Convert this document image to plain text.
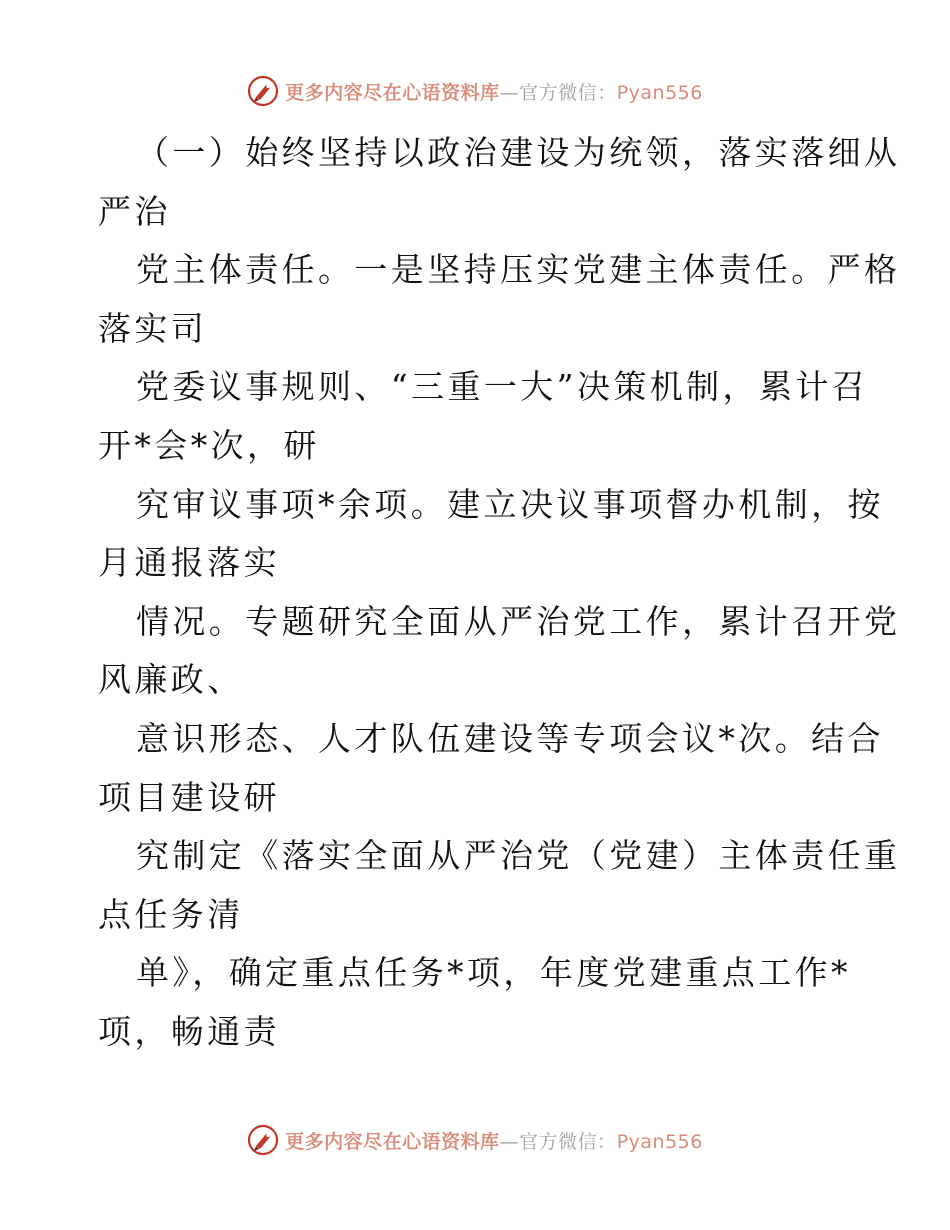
更多内容尽在心语资料库—官方微信：Pyan556

（一）始终坚持以政治建设为统领，落实落细从

严治

党主体责任。一是坚持压实党建主体责任。严格

落实司

党委议事规则、“三重一大”决策机制，累计召

开*会*次，研

究审议事项*余项。建立决议事项督办机制，按

月通报落实

情况。专题研究全面从严治党工作，累计召开党

风廉政、

意识形态、人才队伍建设等专项会议*次。结合

项目建设研

究制定《落实全面从严治党（党建）主体责任重

点任务清

单》，确定重点任务*项，年度党建重点工作*

项，畅通责

更多内容尽在心语资料库—官方微信：Pyan556
